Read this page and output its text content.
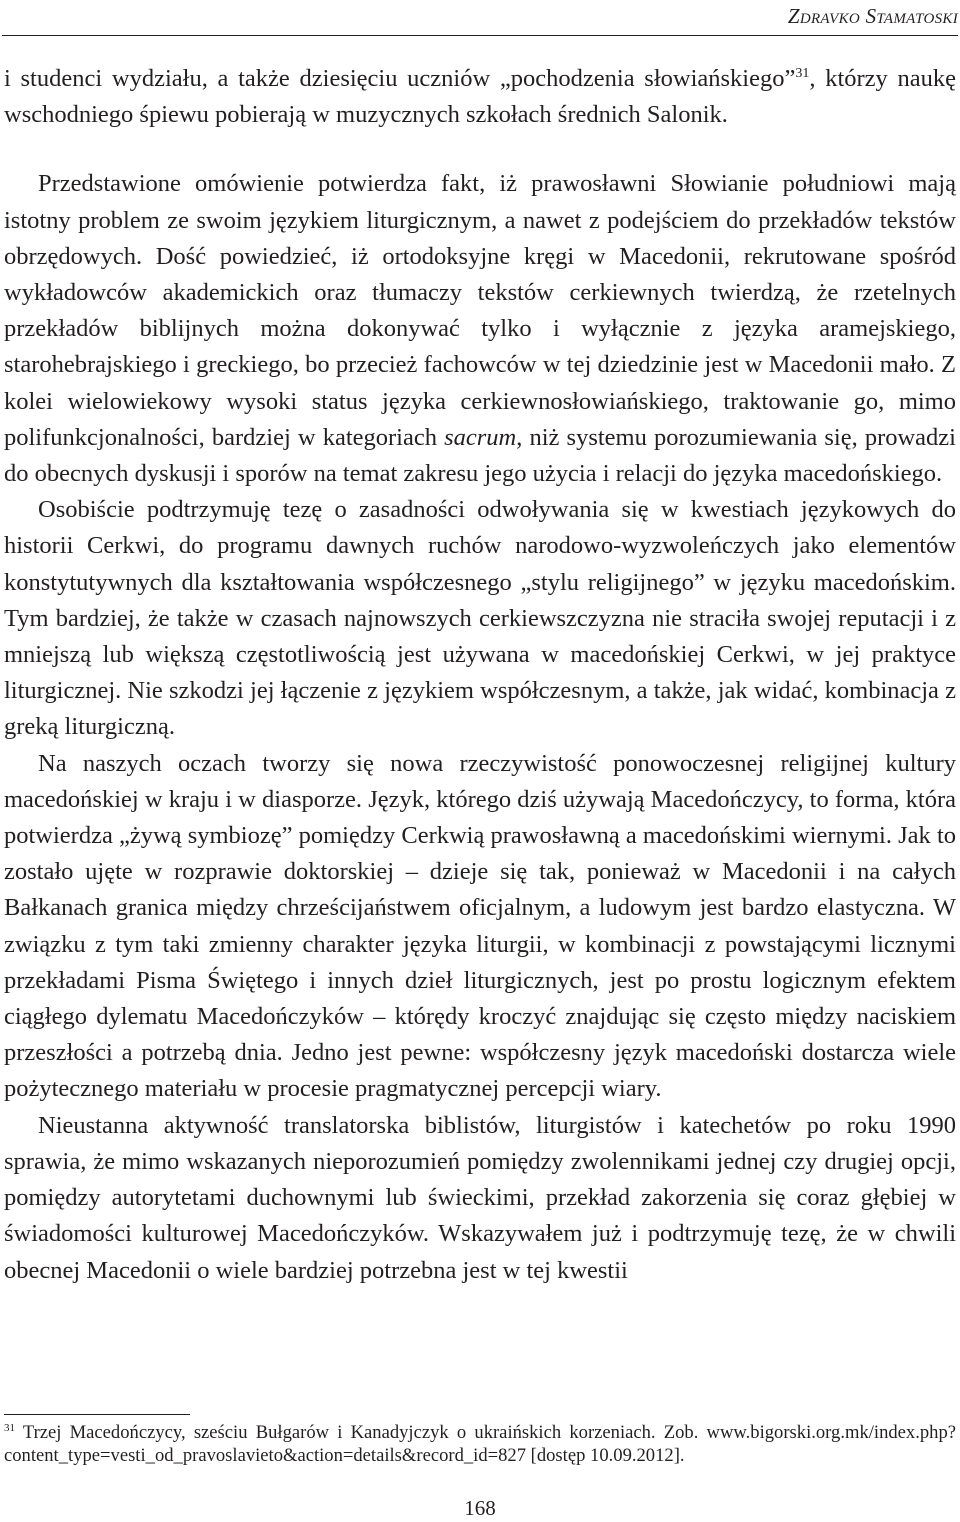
Zdravko Stamatoski

i studenci wydziału, a także dziesięciu uczniów „pochodzenia słowiańskiego”$^{31}$, którzy naukę wschodniego śpiewu pobierają w muzycznych szkołach średnich Salonik.

Przedstawione omówienie potwierdza fakt, iż prawosławni Słowianie południowi mają istotny problem ze swoim językiem liturgicznym, a nawet z podejściem do przekładów tekstów obrzędowych. Dość powiedzieć, iż ortodoksyjne kręgi w Macedonii, rekrutowane spośród wykładowców akademickich oraz tłumaczy tekstów cerkiewnych twierdzą, że rzetelnych przekładów biblijnych można dokonywać tylko i wyłącznie z języka aramejskiego, starohebrajskiego i greckiego, bo przecież fachowców w tej dziedzinie jest w Macedonii mało. Z kolei wielowiekowy wysoki status języka cerkiewnosłowiańskiego, traktowanie go, mimo polifunkcjonalności, bardziej w kategoriach sacrum, niż systemu porozumiewania się, prowadzi do obecnych dyskusji i sporów na temat zakresu jego użycia i relacji do języka macedońskiego.

Osobiście podtrzymuję tezę o zasadności odwoływania się w kwestiach językowych do historii Cerkwi, do programu dawnych ruchów narodowo-wyzwoleńczych jako elementów konstytutywnych dla kształtowania współczesnego „stylu religijnego” w języku macedońskim. Tym bardziej, że także w czasach najnowszych cerkiewszczyzna nie straciła swojej reputacji i z mniejszą lub większą częstotliwością jest używana w macedońskiej Cerkwi, w jej praktyce liturgicznej. Nie szkodzi jej łączenie z językiem współczesnym, a także, jak widać, kombinacja z greką liturgiczną.

Na naszych oczach tworzy się nowa rzeczywistość ponowoczesnej religijnej kultury macedońskiej w kraju i w diasporze. Język, którego dziś używają Macedończycy, to forma, która potwierdza „żywą symbiozę” pomiędzy Cerkwią prawosławną a macedońskimi wiernymi. Jak to zostało ujęte w rozprawie doktorskiej – dzieje się tak, ponieważ w Macedonii i na całych Bałkanach granica między chrześcijaństwem oficjalnym, a ludowym jest bardzo elastyczna. W związku z tym taki zmienny charakter języka liturgii, w kombinacji z powstającymi licznymi przekładami Pisma Świętego i innych dzieł liturgicznych, jest po prostu logicznym efektem ciągłego dylematu Macedończyków – którędy kroczyć znajdując się często między naciskiem przeszłości a potrzebą dnia. Jedno jest pewne: współczesny język macedoński dostarcza wiele pożytecznego materiału w procesie pragmatycznej percepcji wiary.

Nieustanna aktywność translatorska biblistów, liturgistów i katechetów po roku 1990 sprawia, że mimo wskazanych nieporozumień pomiędzy zwolennikami jednej czy drugiej opcji, pomiędzy autorytetami duchownymi lub świeckimi, przekład zakorzenia się coraz głębiej w świadomości kulturowej Macedończyków. Wskazywałem już i podtrzymuję tezę, że w chwili obecnej Macedonii o wiele bardziej potrzebna jest w tej kwestii

$^{31}$ Trzej Macedończycy, sześciu Bułgarów i Kanadyjczyk o ukraińskich korzeniach. Zob. www.bigorski.org.mk/index.php?content_type=vesti_od_pravoslavieto&action=details&record_id=827 [dostęp 10.09.2012].
168
